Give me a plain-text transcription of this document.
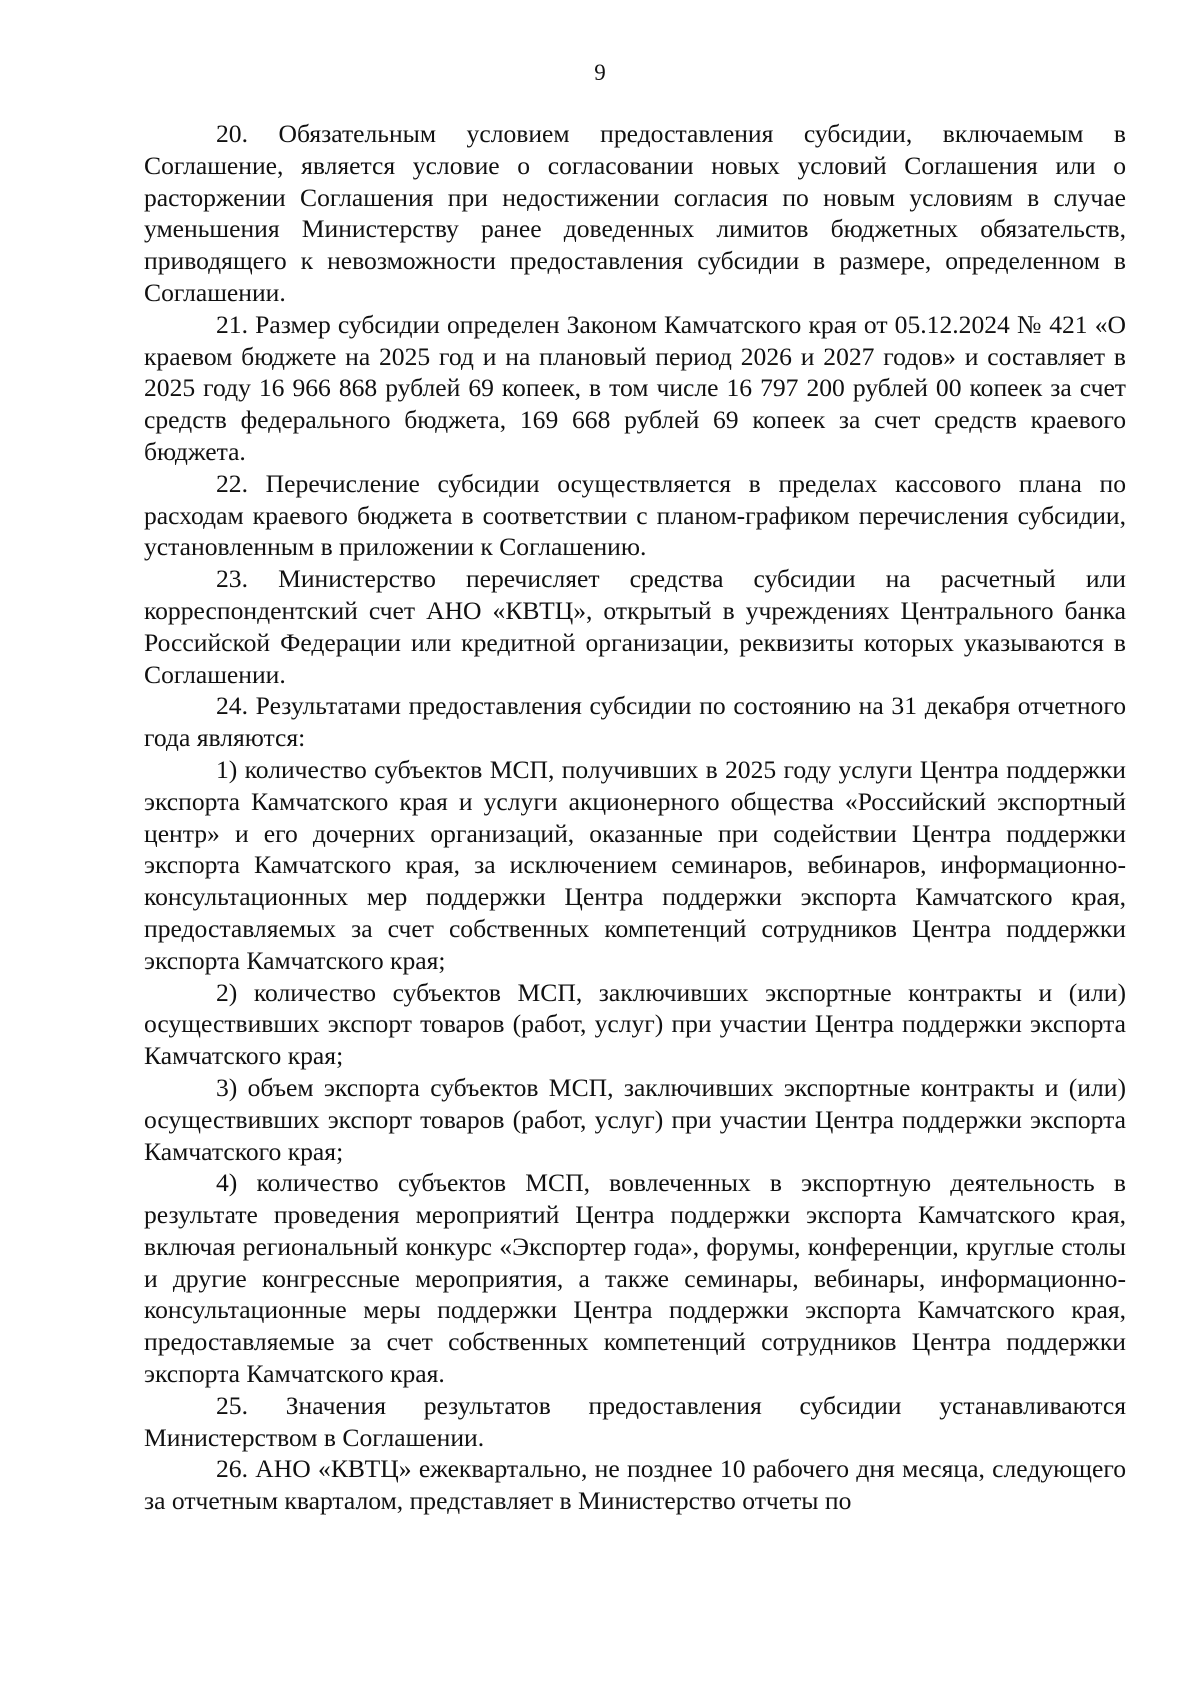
9

20. Обязательным условием предоставления субсидии, включаемым в Соглашение, является условие о согласовании новых условий Соглашения или о расторжении Соглашения при недостижении согласия по новым условиям в случае уменьшения Министерству ранее доведенных лимитов бюджетных обязательств, приводящего к невозможности предоставления субсидии в размере, определенном в Соглашении.

21. Размер субсидии определен Законом Камчатского края от 05.12.2024 № 421 «О краевом бюджете на 2025 год и на плановый период 2026 и 2027 годов» и составляет в 2025 году 16 966 868 рублей 69 копеек, в том числе 16 797 200 рублей 00 копеек за счет средств федерального бюджета, 169 668 рублей 69 копеек за счет средств краевого бюджета.

22. Перечисление субсидии осуществляется в пределах кассового плана по расходам краевого бюджета в соответствии с планом-графиком перечисления субсидии, установленным в приложении к Соглашению.

23. Министерство перечисляет средства субсидии на расчетный или корреспондентский счет АНО «КВТЦ», открытый в учреждениях Центрального банка Российской Федерации или кредитной организации, реквизиты которых указываются в Соглашении.

24. Результатами предоставления субсидии по состоянию на 31 декабря отчетного года являются:

1) количество субъектов МСП, получивших в 2025 году услуги Центра поддержки экспорта Камчатского края и услуги акционерного общества «Российский экспортный центр» и его дочерних организаций, оказанные при содействии Центра поддержки экспорта Камчатского края, за исключением семинаров, вебинаров, информационно-консультационных мер поддержки Центра поддержки экспорта Камчатского края, предоставляемых за счет собственных компетенций сотрудников Центра поддержки экспорта Камчатского края;

2) количество субъектов МСП, заключивших экспортные контракты и (или) осуществивших экспорт товаров (работ, услуг) при участии Центра поддержки экспорта Камчатского края;

3) объем экспорта субъектов МСП, заключивших экспортные контракты и (или) осуществивших экспорт товаров (работ, услуг) при участии Центра поддержки экспорта Камчатского края;

4) количество субъектов МСП, вовлеченных в экспортную деятельность в результате проведения мероприятий Центра поддержки экспорта Камчатского края, включая региональный конкурс «Экспортер года», форумы, конференции, круглые столы и другие конгрессные мероприятия, а также семинары, вебинары, информационно-консультационные меры поддержки Центра поддержки экспорта Камчатского края, предоставляемые за счет собственных компетенций сотрудников Центра поддержки экспорта Камчатского края.

25. Значения результатов предоставления субсидии устанавливаются Министерством в Соглашении.

26. АНО «КВТЦ» ежеквартально, не позднее 10 рабочего дня месяца, следующего за отчетным кварталом, представляет в Министерство отчеты по
